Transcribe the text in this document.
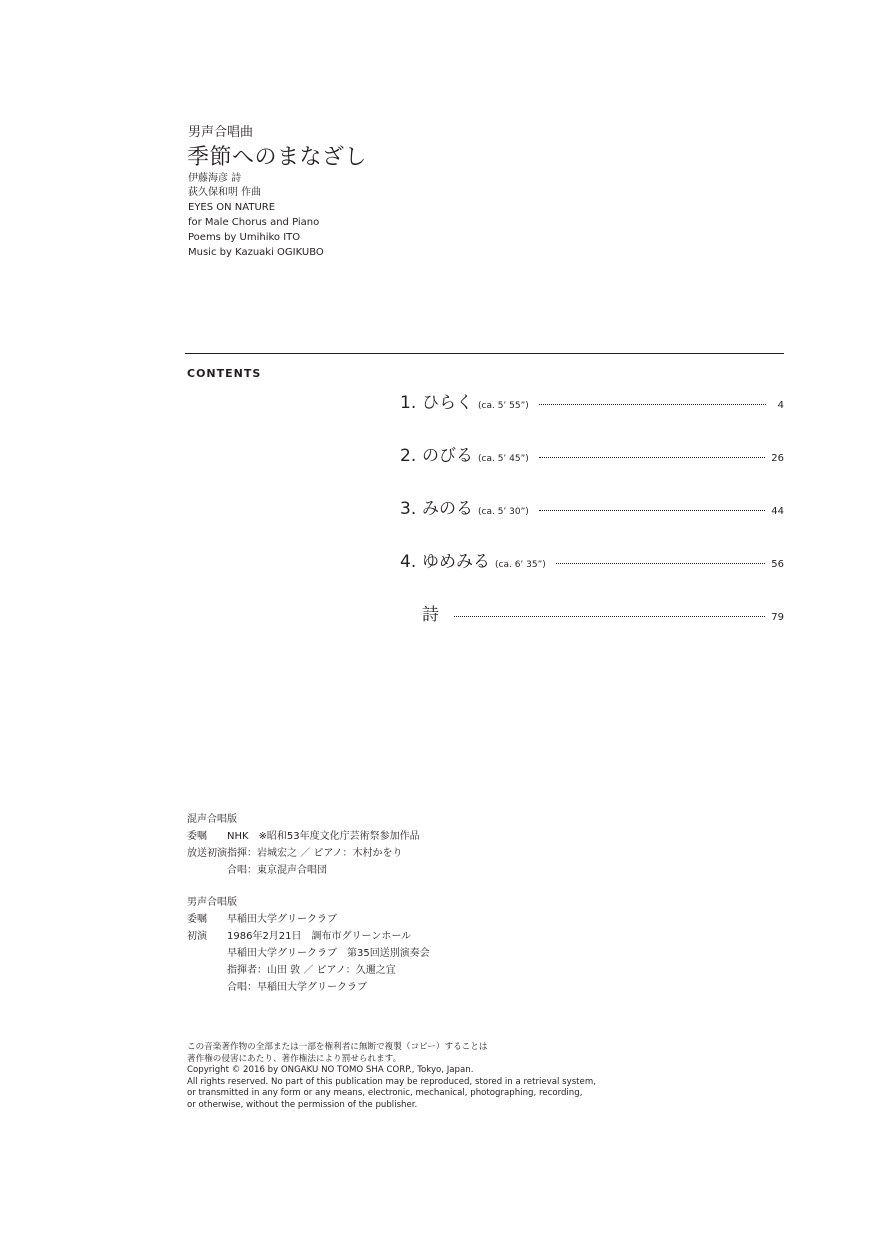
男声合唱曲
季節へのまなざし
伊藤海彦 詩
荻久保和明 作曲
EYES ON NATURE
for Male Chorus and Piano
Poems by Umihiko ITO
Music by Kazuaki OGIKUBO
CONTENTS
1. ひらく (ca. 5’ 55”)	4
2. のびる (ca. 5’ 45”)	26
3. みのる (ca. 5’ 30”)	44
4. ゆめみる (ca. 6’ 35”)	56
詩	79
混声合唱版
委嘱	NHK　※昭和53年度文化庁芸術祭参加作品
放送初演 指揮：岩城宏之 ／ ピアノ：木村かをり
合唱：東京混声合唱団
男声合唱版
委嘱	早稲田大学グリークラブ
初演	1986年2月21日　調布市グリーンホール
早稲田大学グリークラブ　第35回送別演奏会
指揮者：山田 敦 ／ ピアノ：久邇之宜
合唱：早稲田大学グリークラブ
この音楽著作物の全部または一部を権利者に無断で複製（コピー）することは
著作権の侵害にあたり、著作権法により罰せられます。
Copyright © 2016 by ONGAKU NO TOMO SHA CORP., Tokyo, Japan.
All rights reserved. No part of this publication may be reproduced, stored in a retrieval system,
or transmitted in any form or any means, electronic, mechanical, photographing, recording,
or otherwise, without the permission of the publisher.
